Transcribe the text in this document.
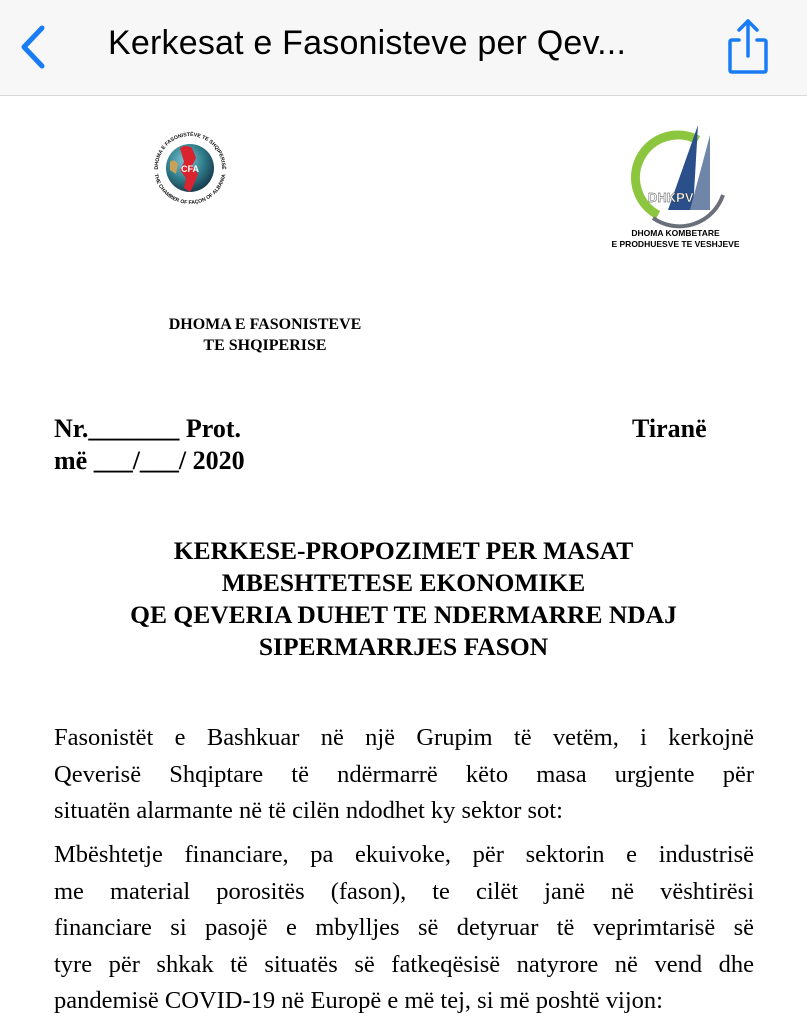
Kerkesat e Fasonisteve per Qev...
CFA
DHOMA E FASONISTËVE TE SHQIPERISË
THE CHAMBER OF FAÇON OF ALBANIA
DHKPV
DHOMA KOMBETARE
E PRODHUESVE TE VESHJEVE
DHOMA E FASONISTEVE
TE SHQIPERISE
Nr._______ Prot.
më ___/___/ 2020
Tiranë
KERKESE-PROPOZIMET PER MASAT
MBESHTETESE EKONOMIKE
QE QEVERIA DUHET TE NDERMARRE NDAJ
SIPERMARRJES FASON
Fasonistët e Bashkuar në një Grupim të vetëm, i kerkojnë
Qeverisë Shqiptare të ndërmarrë këto masa urgjente për
situatën alarmante në të cilën ndodhet ky sektor sot:
Mbështetje financiare, pa ekuivoke, për sektorin e industrisë
me material porositës (fason), te cilët janë në vështirësi
financiare si pasojë e mbylljes së detyruar të veprimtarisë së
tyre për shkak të situatës së fatkeqësisë natyrore në vend dhe
pandemisë COVID-19 në Europë e më tej, si më poshtë vijon:
